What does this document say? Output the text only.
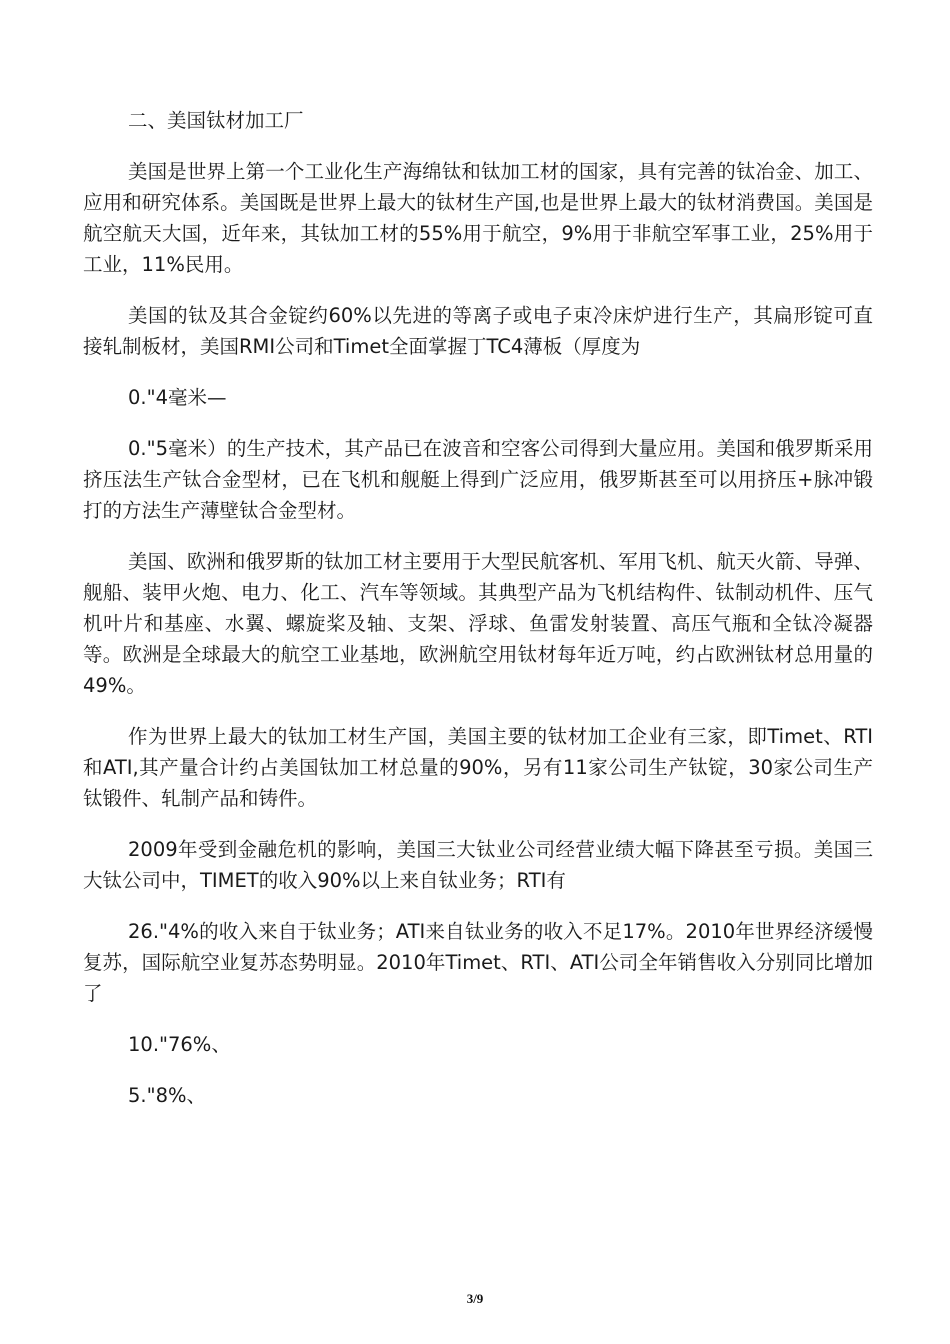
二、美国钛材加工厂

美国是世界上第一个工业化生产海绵钛和钛加工材的国家，具有完善的钛冶金、加工、应用和研究体系。美国既是世界上最大的钛材生产国,也是世界上最大的钛材消费国。美国是航空航天大国，近年来，其钛加工材的55%用于航空，9%用于非航空军事工业，25%用于工业，11%民用。

美国的钛及其合金锭约60%以先进的等离子或电子束冷床炉进行生产，其扁形锭可直接轧制板材，美国RMI公司和Timet全面掌握丁TC4薄板（厚度为

0."4毫米—

0."5毫米）的生产技术，其产品已在波音和空客公司得到大量应用。美国和俄罗斯采用挤压法生产钛合金型材，已在飞机和舰艇上得到广泛应用，俄罗斯甚至可以用挤压+脉冲锻打的方法生产薄壁钛合金型材。

美国、欧洲和俄罗斯的钛加工材主要用于大型民航客机、军用飞机、航天火箭、导弹、舰船、装甲火炮、电力、化工、汽车等领域。其典型产品为飞机结构件、钛制动机件、压气机叶片和基座、水翼、螺旋桨及轴、支架、浮球、鱼雷发射装置、高压气瓶和全钛冷凝器等。欧洲是全球最大的航空工业基地，欧洲航空用钛材每年近万吨，约占欧洲钛材总用量的49%。

作为世界上最大的钛加工材生产国，美国主要的钛材加工企业有三家，即Timet、RTI和ATI,其产量合计约占美国钛加工材总量的90%，另有11家公司生产钛锭，30家公司生产钛锻件、轧制产品和铸件。

2009年受到金融危机的影响，美国三大钛业公司经营业绩大幅下降甚至亏损。美国三大钛公司中，TIMET的收入90%以上来自钛业务；RTI有

26."4%的收入来自于钛业务；ATI来自钛业务的收入不足17%。2010年世界经济缓慢复苏，国际航空业复苏态势明显。2010年Timet、RTI、ATI公司全年销售收入分别同比增加了

10."76%、

5."8%、

3/9
